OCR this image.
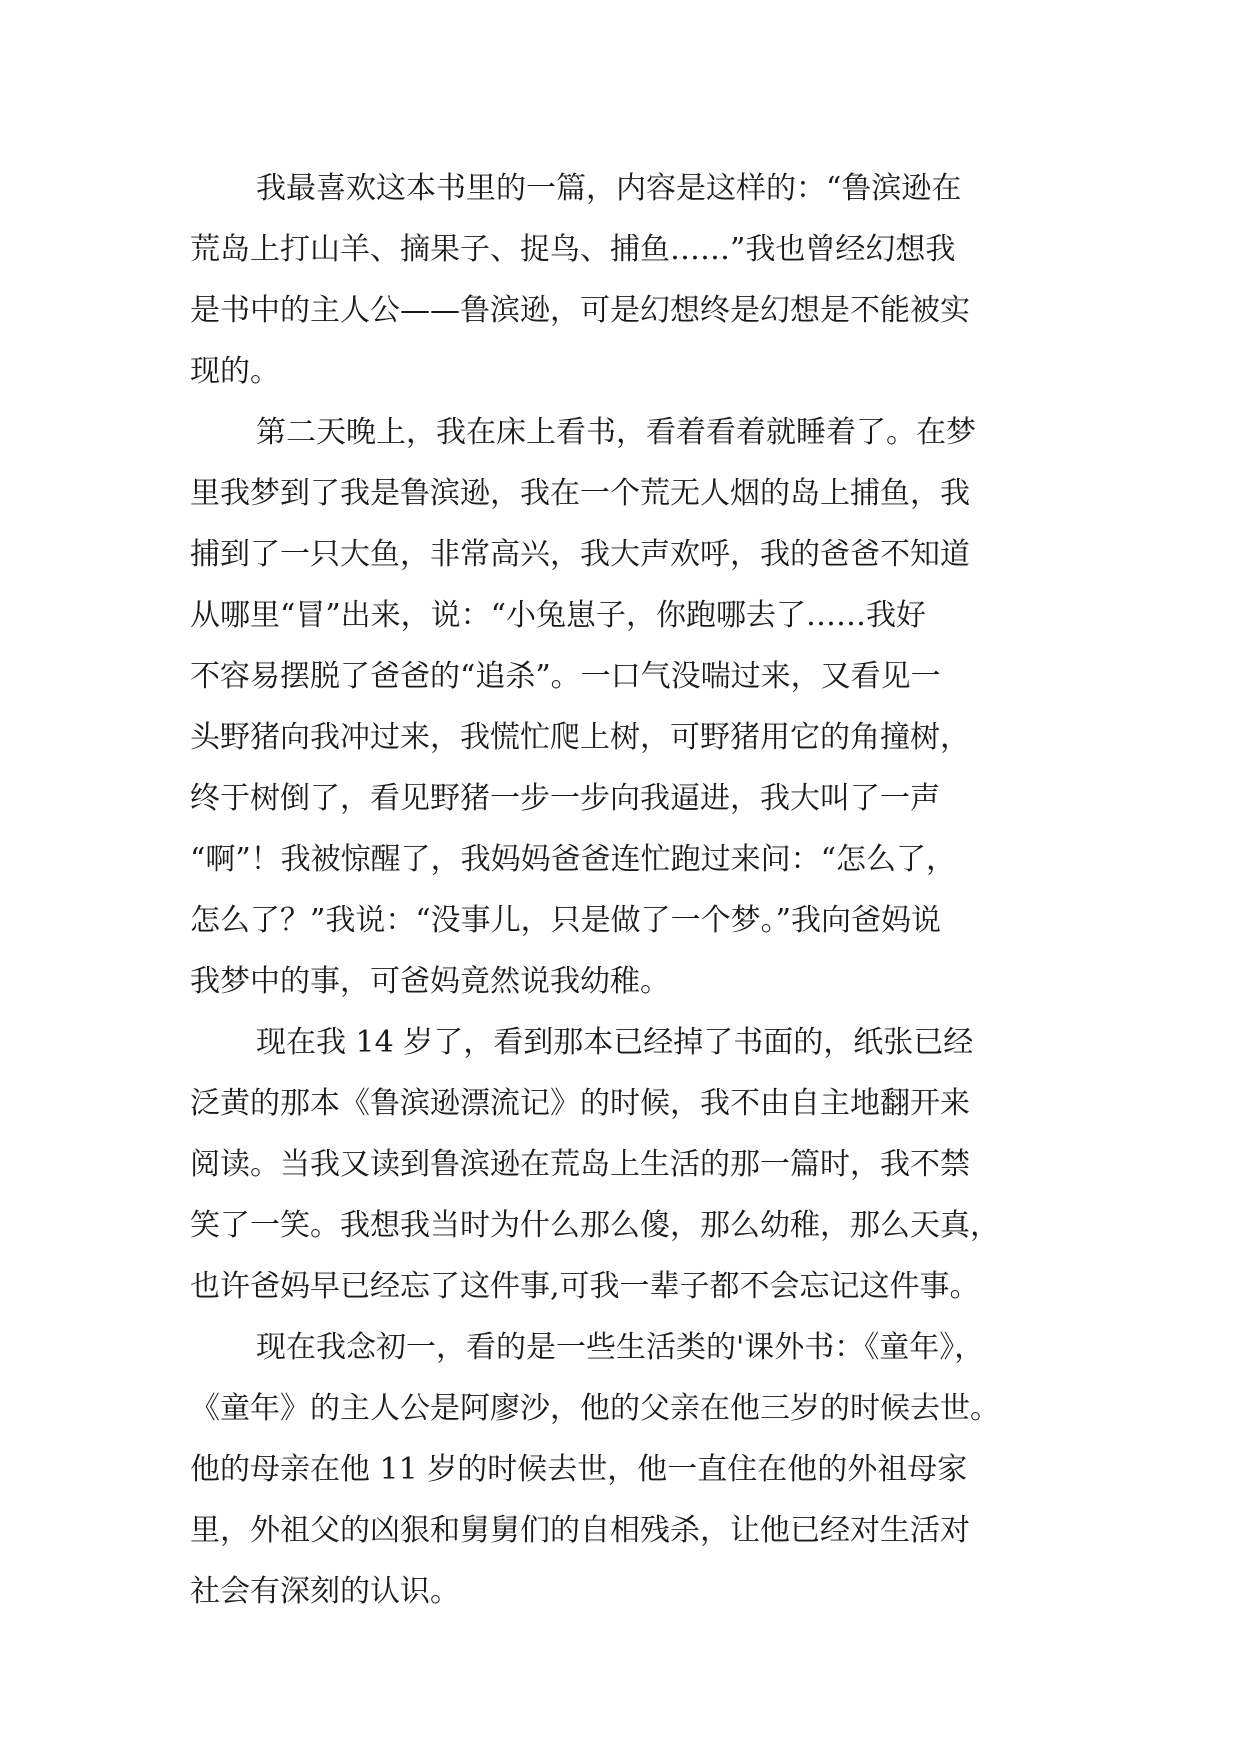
我最喜欢这本书里的一篇，内容是这样的：“鲁滨逊在
荒岛上打山羊、摘果子、捉鸟、捕鱼……”我也曾经幻想我
是书中的主人公——鲁滨逊，可是幻想终是幻想是不能被实
现的。
第二天晚上，我在床上看书，看着看着就睡着了。在梦
里我梦到了我是鲁滨逊，我在一个荒无人烟的岛上捕鱼，我
捕到了一只大鱼，非常高兴，我大声欢呼，我的爸爸不知道
从哪里“冒”出来，说：“小兔崽子，你跑哪去了……我好
不容易摆脱了爸爸的“追杀”。一口气没喘过来，又看见一
头野猪向我冲过来，我慌忙爬上树，可野猪用它的角撞树，
终于树倒了，看见野猪一步一步向我逼进，我大叫了一声
“啊”！我被惊醒了，我妈妈爸爸连忙跑过来问：“怎么了，
怎么了？”我说：“没事儿，只是做了一个梦。”我向爸妈说
我梦中的事，可爸妈竟然说我幼稚。
现在我 14 岁了，看到那本已经掉了书面的，纸张已经
泛黄的那本《鲁滨逊漂流记》的时候，我不由自主地翻开来
阅读。当我又读到鲁滨逊在荒岛上生活的那一篇时，我不禁
笑了一笑。我想我当时为什么那么傻，那么幼稚，那么天真，
也许爸妈早已经忘了这件事,可我一辈子都不会忘记这件事。
现在我念初一，看的是一些生活类的'课外书：《童年》，
《童年》的主人公是阿廖沙，他的父亲在他三岁的时候去世。
他的母亲在他 11 岁的时候去世，他一直住在他的外祖母家
里，外祖父的凶狠和舅舅们的自相残杀，让他已经对生活对
社会有深刻的认识。
